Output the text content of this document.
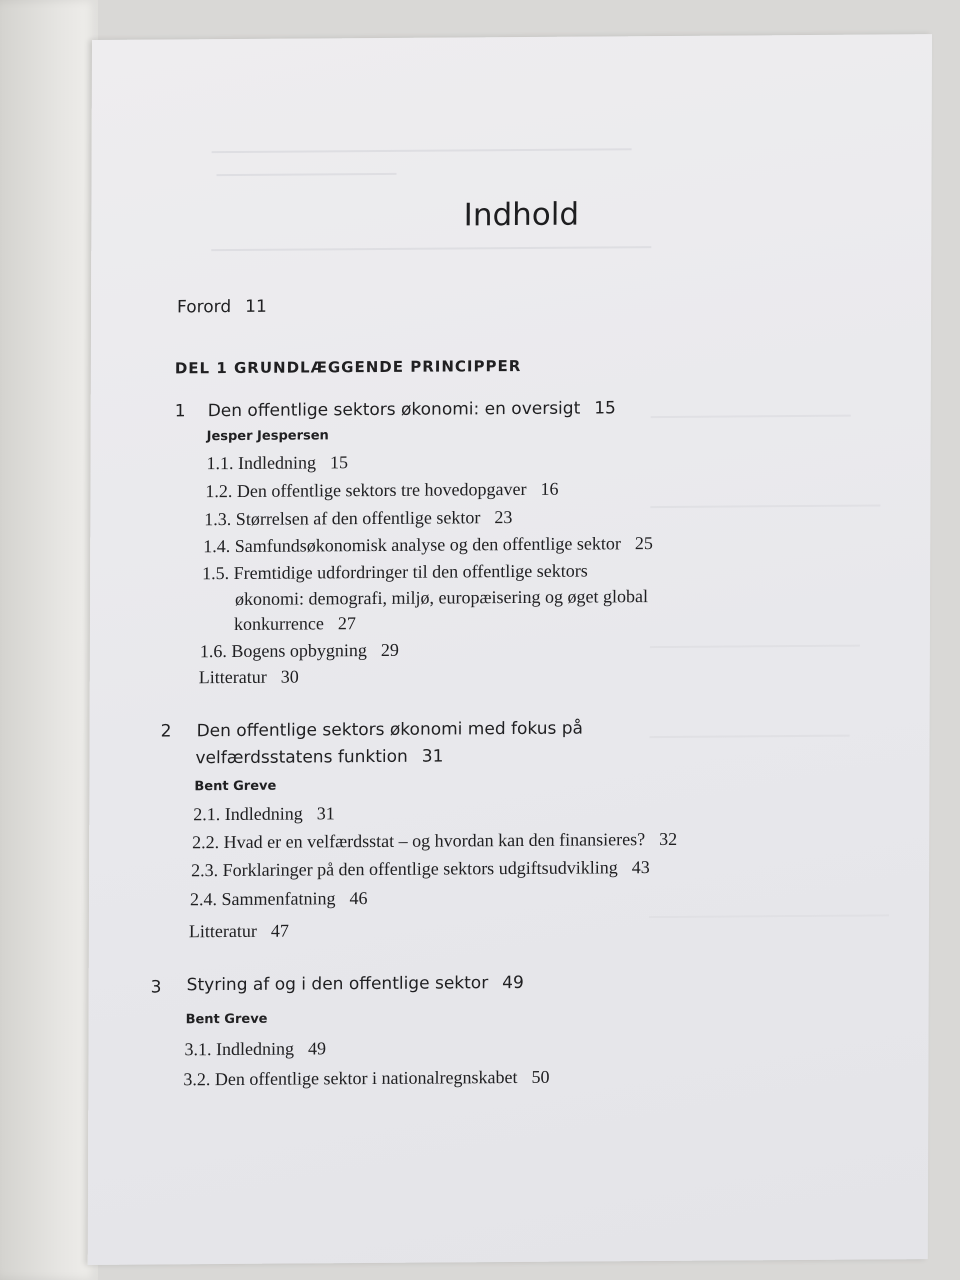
Indhold
Forord 11
DEL 1 GRUNDLÆGGENDE PRINCIPPER
1 Den offentlige sektors økonomi: en oversigt 15
Jesper Jespersen
1.1. Indledning 15
1.2. Den offentlige sektors tre hovedopgaver 16
1.3. Størrelsen af den offentlige sektor 23
1.4. Samfundsøkonomisk analyse og den offentlige sektor 25
1.5. Fremtidige udfordringer til den offentlige sektors
økonomi: demografi, miljø, europæisering og øget global
konkurrence 27
1.6. Bogens opbygning 29
Litteratur 30
2 Den offentlige sektors økonomi med fokus på
velfærdsstatens funktion 31
Bent Greve
2.1. Indledning 31
2.2. Hvad er en velfærdsstat – og hvordan kan den finansieres? 32
2.3. Forklaringer på den offentlige sektors udgiftsudvikling 43
2.4. Sammenfatning 46
Litteratur 47
3 Styring af og i den offentlige sektor 49
Bent Greve
3.1. Indledning 49
3.2. Den offentlige sektor i nationalregnskabet 50
